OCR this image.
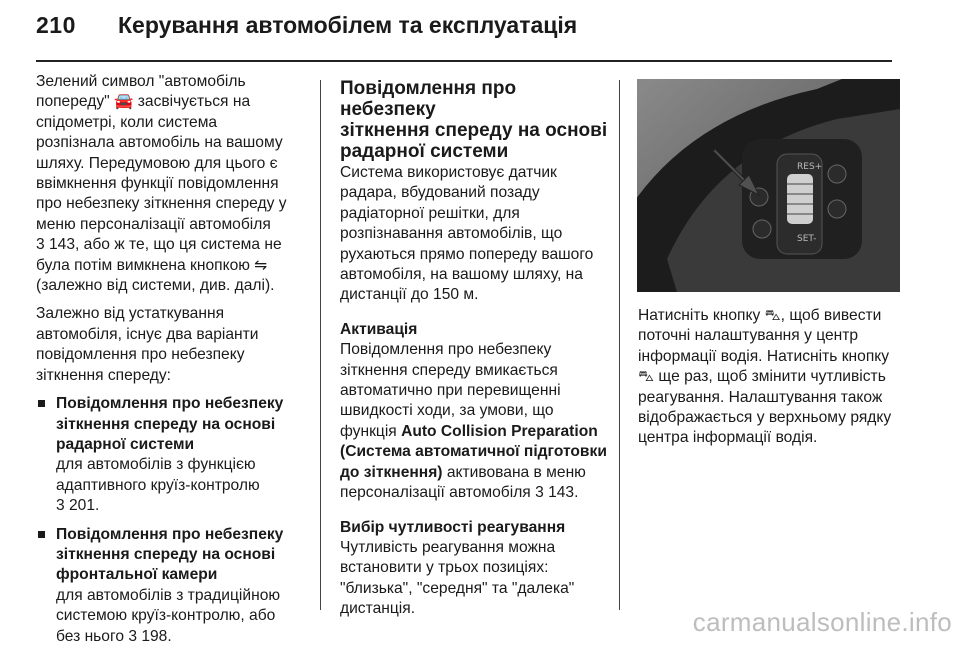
210 Керування автомобілем та експлуатація

Зелений символ "автомобіль
попереду" 🚘 засвічується на
спідометрі, коли система
розпізнала автомобіль на вашому
шляху. Передумовою для цього є
ввімкнення функції повідомлення
про небезпеку зіткнення спереду у
меню персоналізації автомобіля
3 143, або ж те, що ця система не
була потім вимкнена кнопкою ⇋
(залежно від системи, див. далі).

Залежно від устаткування
автомобіля, існує два варіанти
повідомлення про небезпеку
зіткнення спереду:

Повідомлення про небезпеку
зіткнення спереду на основі
радарної системи

для автомобілів з функцією
адаптивного круїз-контролю
3 201.

Повідомлення про небезпеку
зіткнення спереду на основі
фронтальної камери

для автомобілів з традиційною
системою круїз-контролю, або
без нього 3 198.

Повідомлення про небезпеку
зіткнення спереду на основі
радарної системи

Система використовує датчик
радара, вбудований позаду
радіаторної решітки, для
розпізнавання автомобілів, що
рухаються прямо попереду вашого
автомобіля, на вашому шляху, на
дистанції до 150 м.

Активація
Повідомлення про небезпеку
зіткнення спереду вмикається
автоматично при перевищенні
швидкості ходи, за умови, що
функція Auto Collision Preparation
(Система автоматичної підготовки
до зіткнення) активована в меню
персоналізації автомобіля 3 143.

Вибір чутливості реагування
Чутливість реагування можна
встановити у трьох позиціях:
"близька", "середня" та "далека"
дистанція.

RES+
SET-

Натисніть кнопку ⛍, щоб вивести
поточні налаштування у центр
інформації водія. Натисніть кнопку
⛍ ще раз, щоб змінити чутливість
реагування. Налаштування також
відображається у верхньому рядку
центра інформації водія.

carmanualsonline.info
